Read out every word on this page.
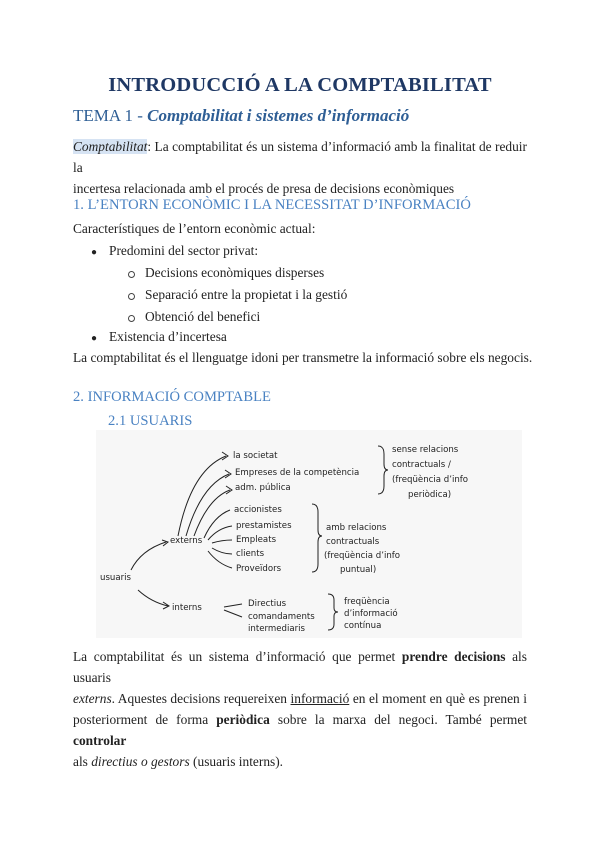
INTRODUCCIÓ A LA COMPTABILITAT
TEMA 1 - Comptabilitat i sistemes d’informació
Comptabilitat: La comptabilitat és un sistema d’informació amb la finalitat de reduir la
incertesa relacionada amb el procés de presa de decisions econòmiques
1. L’ENTORN ECONÒMIC I LA NECESSITAT D’INFORMACIÓ
Característiques de l’entorn econòmic actual:
● Predomini del sector privat:
Decisions econòmiques disperses
Separació entre la propietat i la gestió
Obtenció del benefici
● Existencia d’incertesa
La comptabilitat és el llenguatge idoni per transmetre la informació sobre els negocis.
2. INFORMACIÓ COMPTABLE
2.1 USUARIS
usuaris
externs
interns
la societat
Empreses de la competència
adm. pública
sense relacions
contractuals /
(freqüència d’info
periòdica)
accionistes
prestamistes
Empleats
clients
Proveïdors
amb relacions
contractuals
(freqüència d’info
puntual)
Directius
comandaments
intermediaris
freqüència
d’informació
contínua
La comptabilitat és un sistema d’informació que permet prendre decisions als usuaris
externs. Aquestes decisions requereixen informació en el moment en què es prenen i
posteriorment de forma periòdica sobre la marxa del negoci. També permet controlar
als directius o gestors (usuaris interns).
